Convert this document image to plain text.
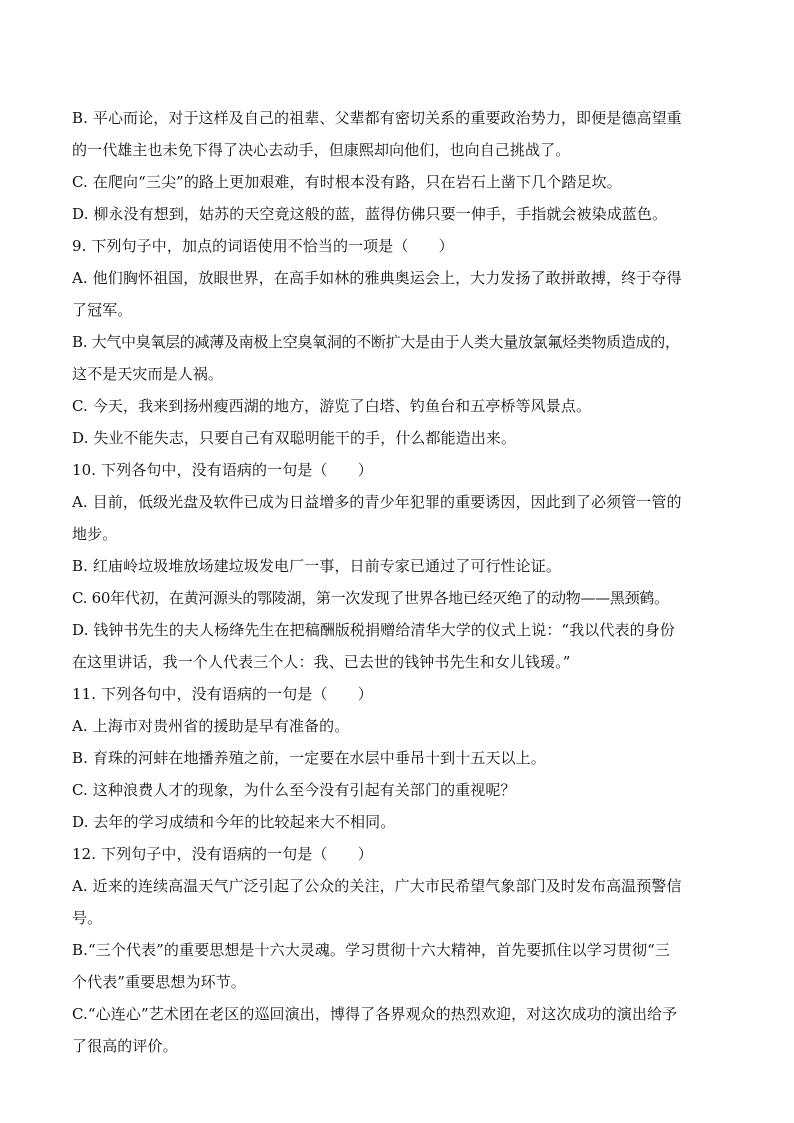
B. 平心而论，对于这样及自己的祖辈、父辈都有密切关系的重要政治势力，即便是德高望重
的一代雄主也未免下得了决心去动手，但康熙却向他们，也向自己挑战了。
C. 在爬向“三尖”的路上更加艰难，有时根本没有路，只在岩石上凿下几个踏足坎。
D. 柳永没有想到，姑苏的天空竟这般的蓝，蓝得仿佛只要一伸手，手指就会被染成蓝色。
9. 下列句子中，加点的词语使用不恰当的一项是（　　）
A. 他们胸怀祖国，放眼世界，在高手如林的雅典奥运会上，大力发扬了敢拼敢搏，终于夺得
了冠军。
B. 大气中臭氧层的减薄及南极上空臭氧洞的不断扩大是由于人类大量放氯氟烃类物质造成的，
这不是天灾而是人祸。
C. 今天，我来到扬州瘦西湖的地方，游览了白塔、钓鱼台和五亭桥等风景点。
D. 失业不能失志，只要自己有双聪明能干的手，什么都能造出来。
10. 下列各句中，没有语病的一句是（　　）
A. 目前，低级光盘及软件已成为日益增多的青少年犯罪的重要诱因，因此到了必须管一管的
地步。
B. 红庙岭垃圾堆放场建垃圾发电厂一事，日前专家已通过了可行性论证。
C. 60年代初，在黄河源头的鄂陵湖，第一次发现了世界各地已经灭绝了的动物——黑颈鹤。
D. 钱钟书先生的夫人杨绛先生在把稿酬版税捐赠给清华大学的仪式上说：“我以代表的身份
在这里讲话，我一个人代表三个人：我、已去世的钱钟书先生和女儿钱瑗。”
11. 下列各句中，没有语病的一句是（　　）
A. 上海市对贵州省的援助是早有准备的。
B. 育珠的河蚌在地播养殖之前，一定要在水层中垂吊十到十五天以上。
C. 这种浪费人才的现象，为什么至今没有引起有关部门的重视呢？
D. 去年的学习成绩和今年的比较起来大不相同。
12. 下列句子中，没有语病的一句是（　　）
A. 近来的连续高温天气广泛引起了公众的关注，广大市民希望气象部门及时发布高温预警信
号。
B.“三个代表”的重要思想是十六大灵魂。学习贯彻十六大精神，首先要抓住以学习贯彻“三
个代表”重要思想为环节。
C.“心连心”艺术团在老区的巡回演出，博得了各界观众的热烈欢迎，对这次成功的演出给予
了很高的评价。
